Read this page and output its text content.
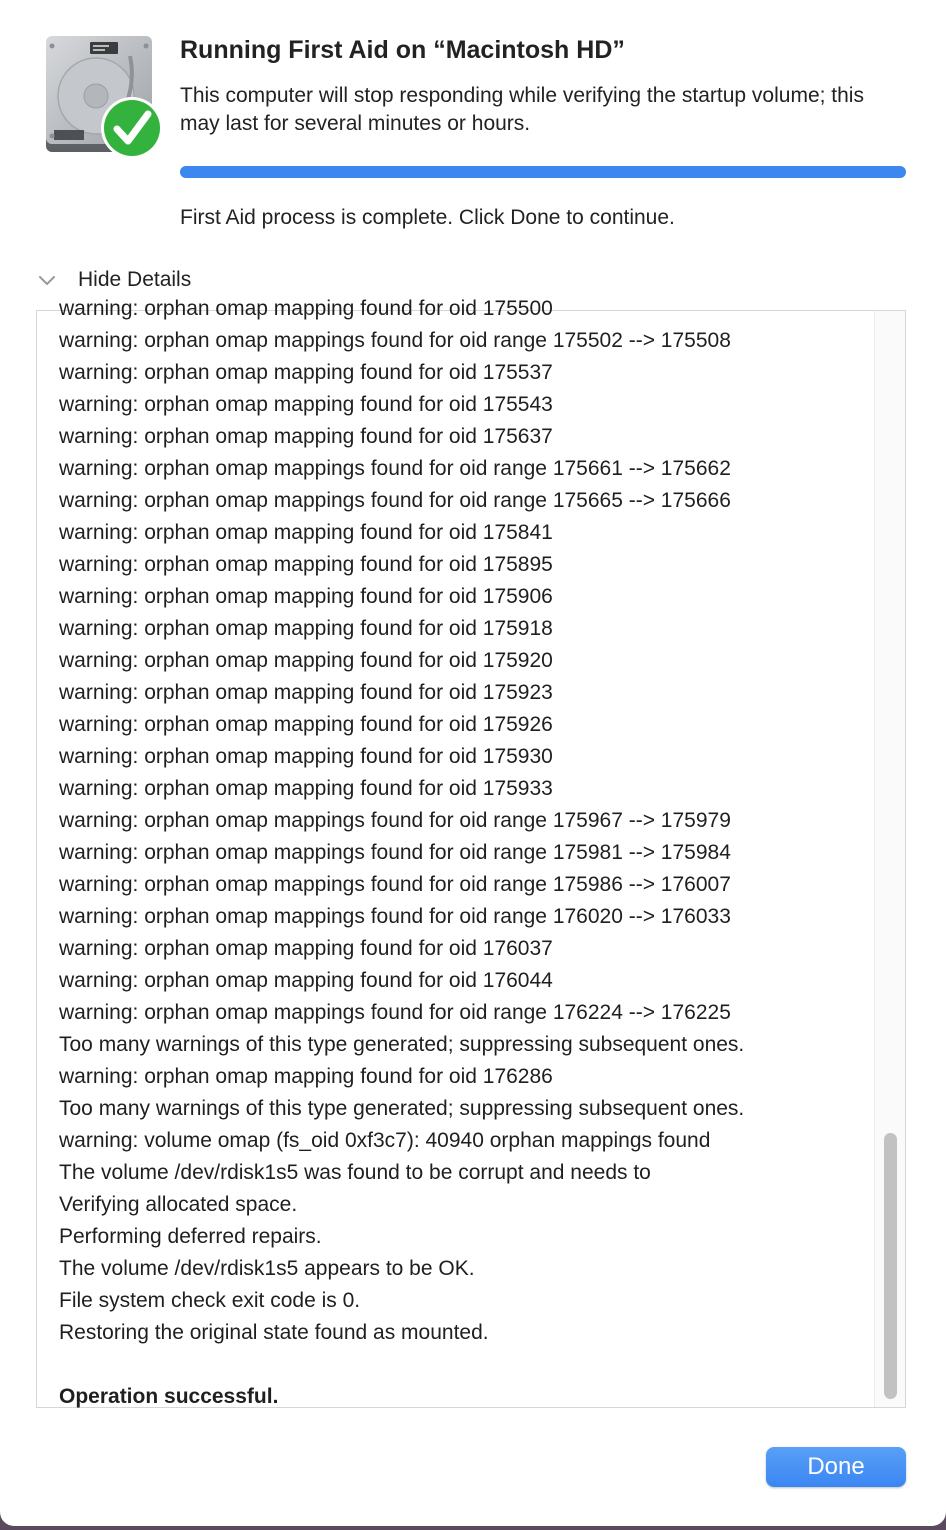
Running First Aid on “Macintosh HD”
This computer will stop responding while verifying the startup volume; this may last for several minutes or hours.
First Aid process is complete. Click Done to continue.
Hide Details
warning: orphan omap mapping found for oid 175500
warning: orphan omap mappings found for oid range 175502 --> 175508
warning: orphan omap mapping found for oid 175537
warning: orphan omap mapping found for oid 175543
warning: orphan omap mapping found for oid 175637
warning: orphan omap mappings found for oid range 175661 --> 175662
warning: orphan omap mappings found for oid range 175665 --> 175666
warning: orphan omap mapping found for oid 175841
warning: orphan omap mapping found for oid 175895
warning: orphan omap mapping found for oid 175906
warning: orphan omap mapping found for oid 175918
warning: orphan omap mapping found for oid 175920
warning: orphan omap mapping found for oid 175923
warning: orphan omap mapping found for oid 175926
warning: orphan omap mapping found for oid 175930
warning: orphan omap mapping found for oid 175933
warning: orphan omap mappings found for oid range 175967 --> 175979
warning: orphan omap mappings found for oid range 175981 --> 175984
warning: orphan omap mappings found for oid range 175986 --> 176007
warning: orphan omap mappings found for oid range 176020 --> 176033
warning: orphan omap mapping found for oid 176037
warning: orphan omap mapping found for oid 176044
warning: orphan omap mappings found for oid range 176224 --> 176225
Too many warnings of this type generated; suppressing subsequent ones.
warning: orphan omap mapping found for oid 176286
Too many warnings of this type generated; suppressing subsequent ones.
warning: volume omap (fs_oid 0xf3c7): 40940 orphan mappings found
The volume /dev/rdisk1s5 was found to be corrupt and needs to
Verifying allocated space.
Performing deferred repairs.
The volume /dev/rdisk1s5 appears to be OK.
File system check exit code is 0.
Restoring the original state found as mounted.
Operation successful.
Done
